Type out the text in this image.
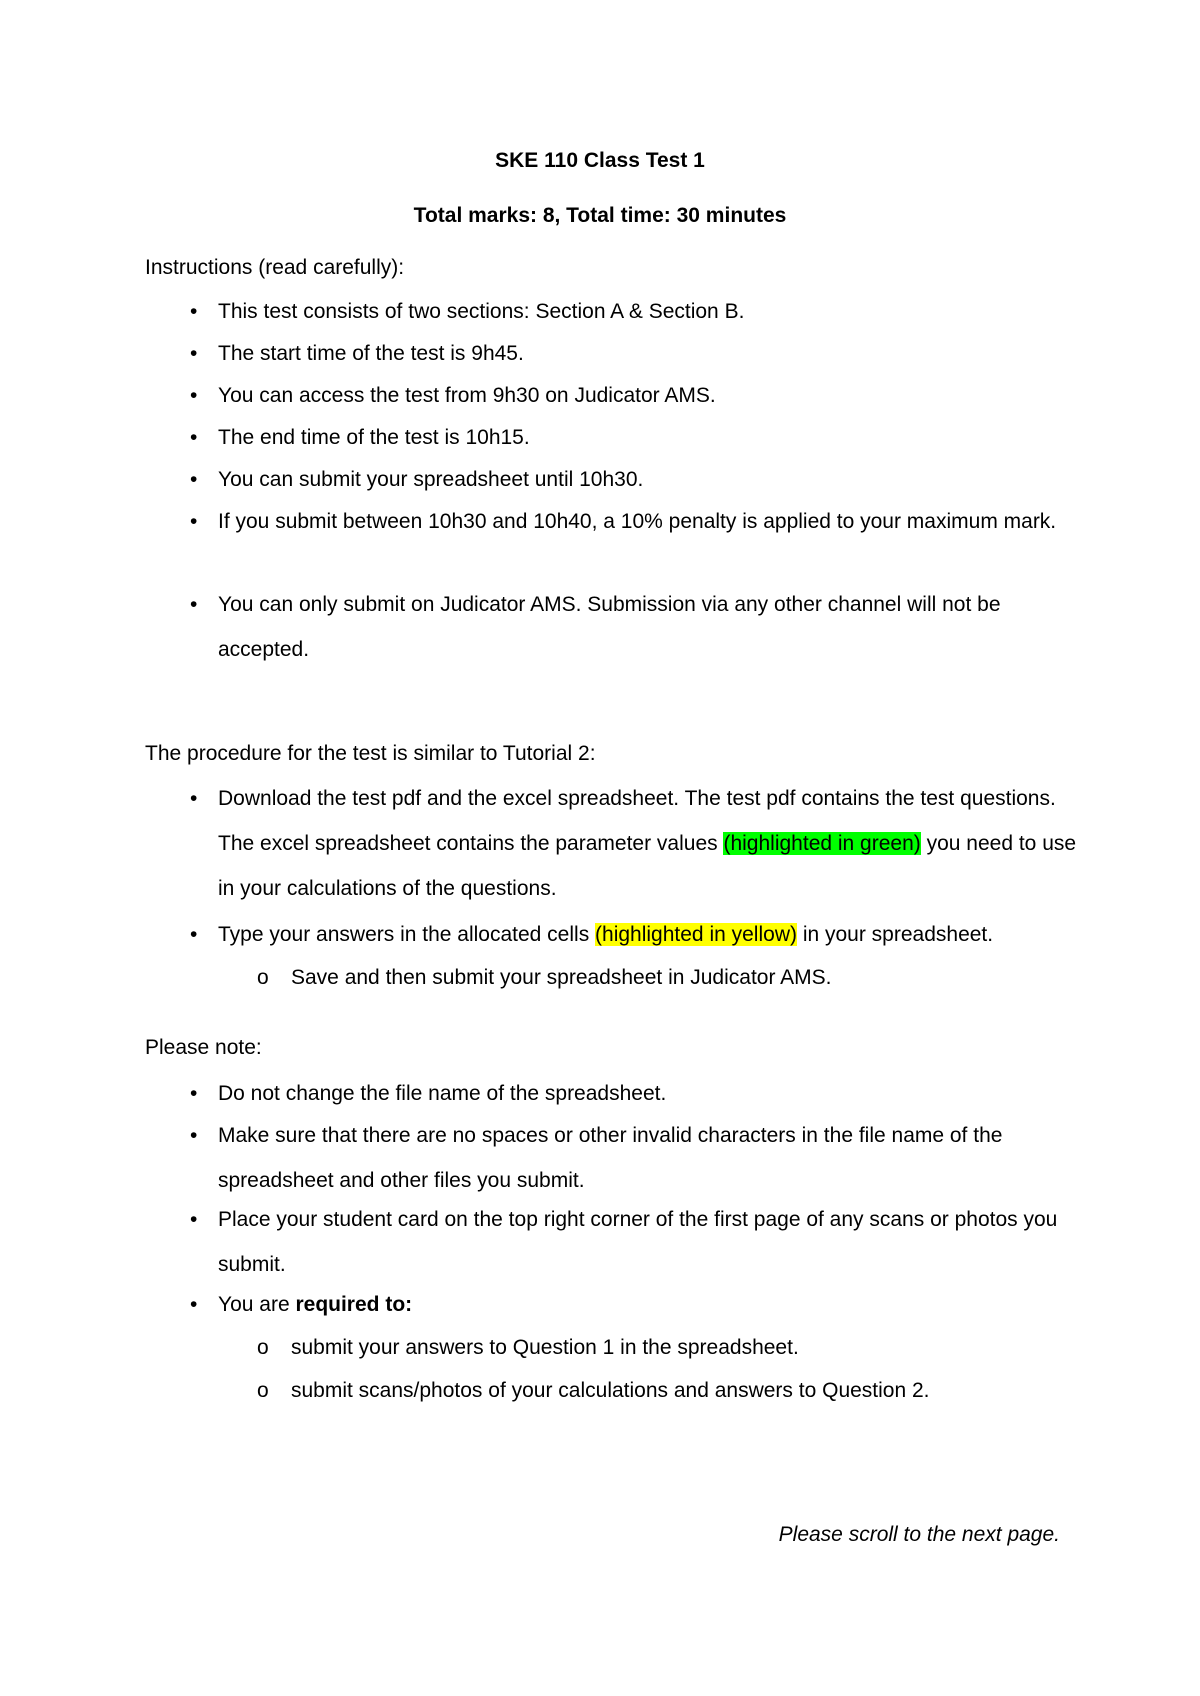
SKE 110 Class Test 1
Total marks: 8, Total time: 30 minutes
Instructions (read carefully):
• This test consists of two sections: Section A & Section B.
• The start time of the test is 9h45.
• You can access the test from 9h30 on Judicator AMS.
• The end time of the test is 10h15.
• You can submit your spreadsheet until 10h30.
• If you submit between 10h30 and 10h40, a 10% penalty is applied to your maximum mark.
• You can only submit on Judicator AMS. Submission via any other channel will not be accepted.
The procedure for the test is similar to Tutorial 2:
• Download the test pdf and the excel spreadsheet. The test pdf contains the test questions. The excel spreadsheet contains the parameter values (highlighted in green) you need to use in your calculations of the questions.
• Type your answers in the allocated cells (highlighted in yellow) in your spreadsheet.
o Save and then submit your spreadsheet in Judicator AMS.
Please note:
• Do not change the file name of the spreadsheet.
• Make sure that there are no spaces or other invalid characters in the file name of the spreadsheet and other files you submit.
• Place your student card on the top right corner of the first page of any scans or photos you submit.
• You are required to:
o submit your answers to Question 1 in the spreadsheet.
o submit scans/photos of your calculations and answers to Question 2.
Please scroll to the next page.
